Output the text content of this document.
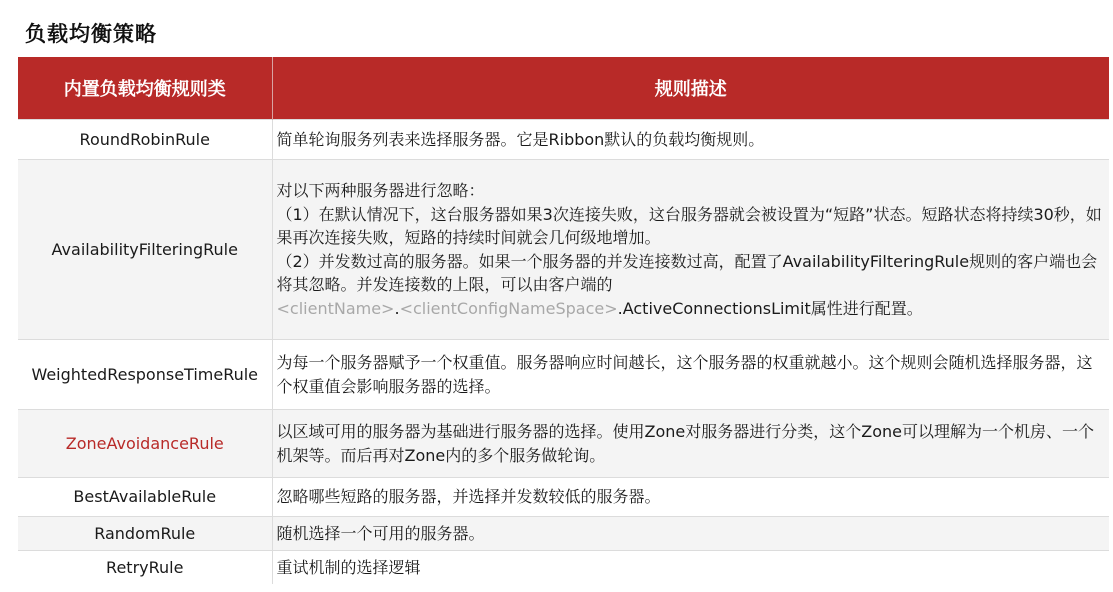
负载均衡策略
内置负载均衡规则类	规则描述
RoundRobinRule	简单轮询服务列表来选择服务器。它是Ribbon默认的负载均衡规则。
AvailabilityFilteringRule	对以下两种服务器进行忽略：
（1）在默认情况下，这台服务器如果3次连接失败，这台服务器就会被设置为“短路”状态。短路状态将持续30秒，如果再次连接失败，短路的持续时间就会几何级地增加。
（2）并发数过高的服务器。如果一个服务器的并发连接数过高，配置了AvailabilityFilteringRule规则的客户端也会将其忽略。并发连接数的上限，可以由客户端的
<clientName>.<clientConfigNameSpace>.ActiveConnectionsLimit属性进行配置。

WeightedResponseTimeRule	为每一个服务器赋予一个权重值。服务器响应时间越长，这个服务器的权重就越小。这个规则会随机选择服务器，这个权重值会影响服务器的选择。
ZoneAvoidanceRule	以区域可用的服务器为基础进行服务器的选择。使用Zone对服务器进行分类，这个Zone可以理解为一个机房、一个机架等。而后再对Zone内的多个服务做轮询。
BestAvailableRule	忽略哪些短路的服务器，并选择并发数较低的服务器。
RandomRule	随机选择一个可用的服务器。
RetryRule	重试机制的选择逻辑
